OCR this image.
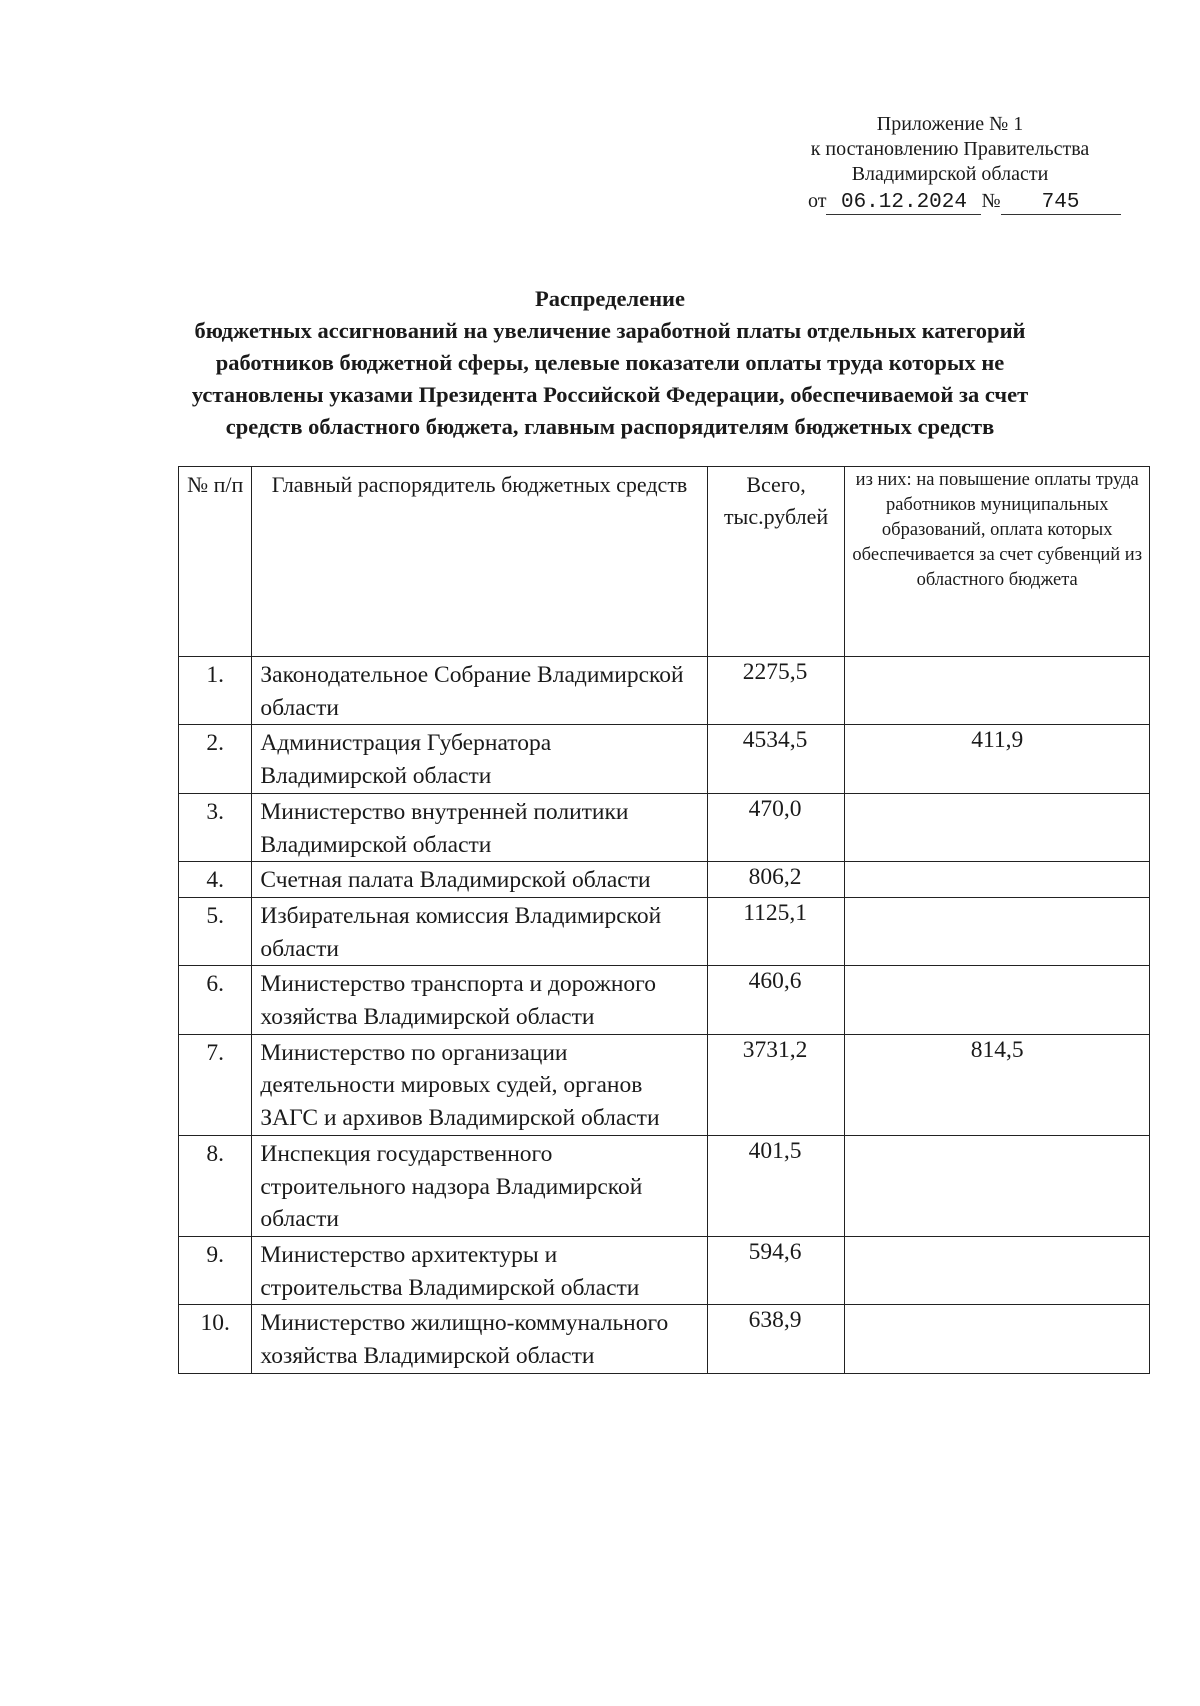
Приложение № 1
к постановлению Правительства
Владимирской области
от 06.12.2024 № 745
Распределение
бюджетных ассигнований на увеличение заработной платы отдельных категорий работников бюджетной сферы, целевые показатели оплаты труда которых не установлены указами Президента Российской Федерации, обеспечиваемой за счет средств областного бюджета, главным распорядителям бюджетных средств
№ п/п	Главный распорядитель бюджетных средств	Всего, тыс.рублей	из них: на повышение оплаты труда работников муниципальных образований, оплата которых обеспечивается за счет субвенций из областного бюджета
1.	Законодательное Собрание Владимирской области	2275,5	
2.	Администрация Губернатора Владимирской области	4534,5	411,9
3.	Министерство внутренней политики Владимирской области	470,0	
4.	Счетная палата Владимирской области	806,2	
5.	Избирательная комиссия Владимирской области	1125,1	
6.	Министерство транспорта и дорожного хозяйства Владимирской области	460,6	
7.	Министерство по организации деятельности мировых судей, органов ЗАГС и архивов Владимирской области	3731,2	814,5
8.	Инспекция государственного строительного надзора Владимирской области	401,5	
9.	Министерство архитектуры и строительства Владимирской области	594,6	
10.	Министерство жилищно-коммунального хозяйства Владимирской области	638,9	
